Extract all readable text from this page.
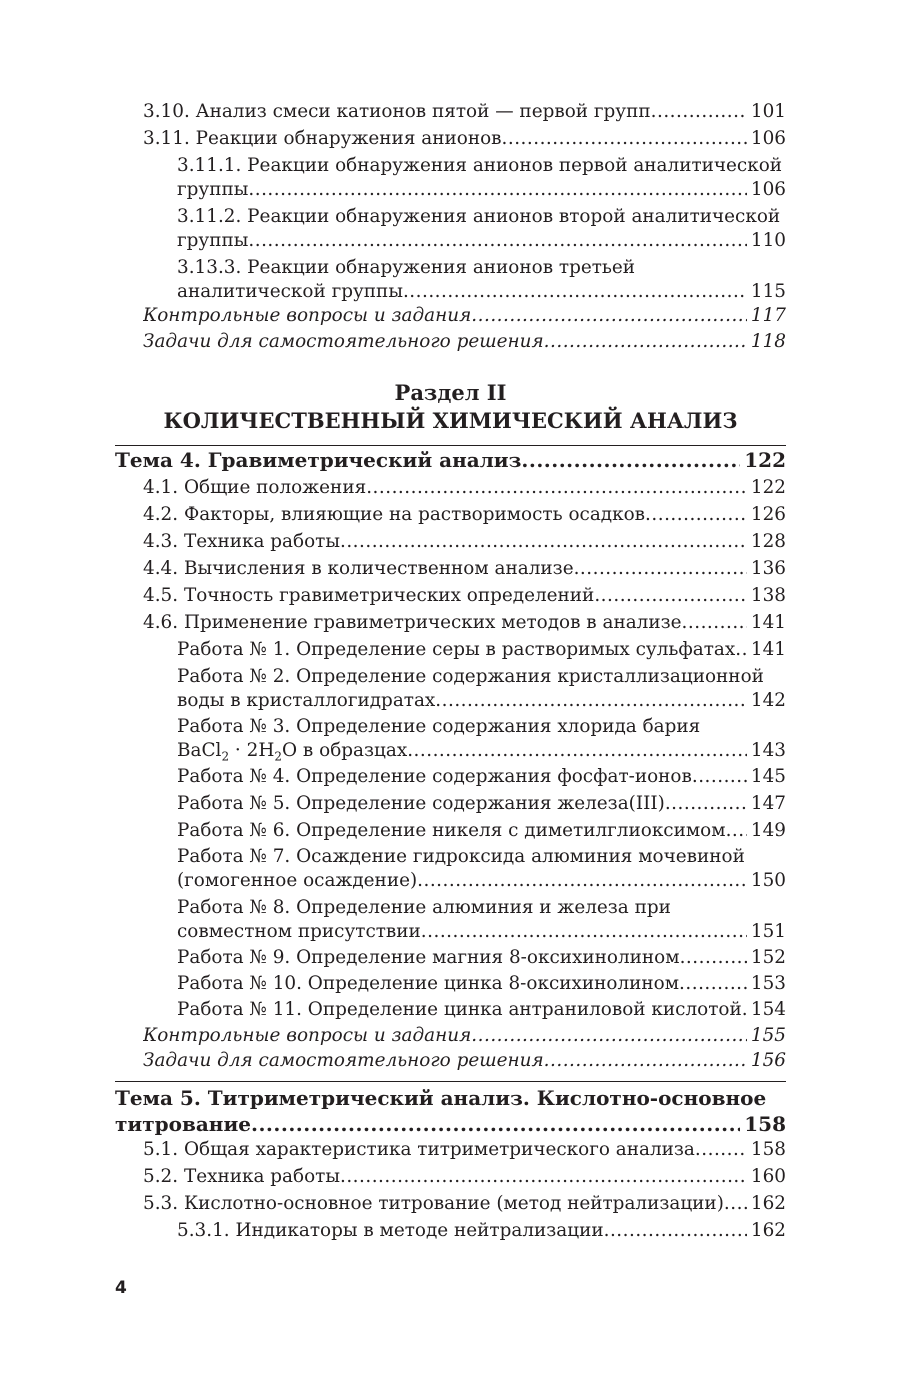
3.10. Анализ смеси катионов пятой — первой групп .....	101
3.11. Реакции обнаружения анионов .....	106
3.11.1. Реакции обнаружения анионов первой аналитической
группы .....	106
3.11.2. Реакции обнаружения анионов второй аналитической
группы .....	110
3.13.3. Реакции обнаружения анионов третьей
аналитической группы .....	115
Контрольные вопросы и задания .....	117
Задачи для самостоятельного решения .....	118
Раздел II
КОЛИЧЕСТВЕННЫЙ ХИМИЧЕСКИЙ АНАЛИЗ
Тема 4. Гравиметрический анализ .....	122
4.1. Общие положения .....	122
4.2. Факторы, влияющие на растворимость осадков .....	126
4.3. Техника работы .....	128
4.4. Вычисления в количественном анализе .....	136
4.5. Точность гравиметрических определений .....	138
4.6. Применение гравиметрических методов в анализе .....	141
Работа № 1. Определение серы в растворимых сульфатах ..... 141
Работа № 2. Определение содержания кристаллизационной
воды в кристаллогидратах .....	142
Работа № 3. Определение содержания хлорида бария
BaCl$_2$ · $2H_2O$ в образцах .....	143
Работа № 4. Определение содержания фосфат-ионов .....	145
Работа № 5. Определение содержания железа(III) .....	147
Работа № 6. Определение никеля с диметилглиоксимом ..... 149
Работа № 7. Осаждение гидроксида алюминия мочевиной
(гомогенное осаждение) .....	150
Работа № 8. Определение алюминия и железа при
совместном присутствии .....	151
Работа № 9. Определение магния 8-оксихинолином .....	152
Работа № 10. Определение цинка 8-оксихинолином .....	153
Работа № 11. Определение цинка антраниловой кислотой ..... 154
Контрольные вопросы и задания .....	155
Задачи для самостоятельного решения .....	156
Тема 5. Титриметрический анализ. Кислотно-основное
титрование .....	158
5.1. Общая характеристика титриметрического анализа .....	158
5.2. Техника работы .....	160
5.3. Кислотно-основное титрование (метод нейтрализации) ..... 162
5.3.1. Индикаторы в методе нейтрализации .....	162
4
